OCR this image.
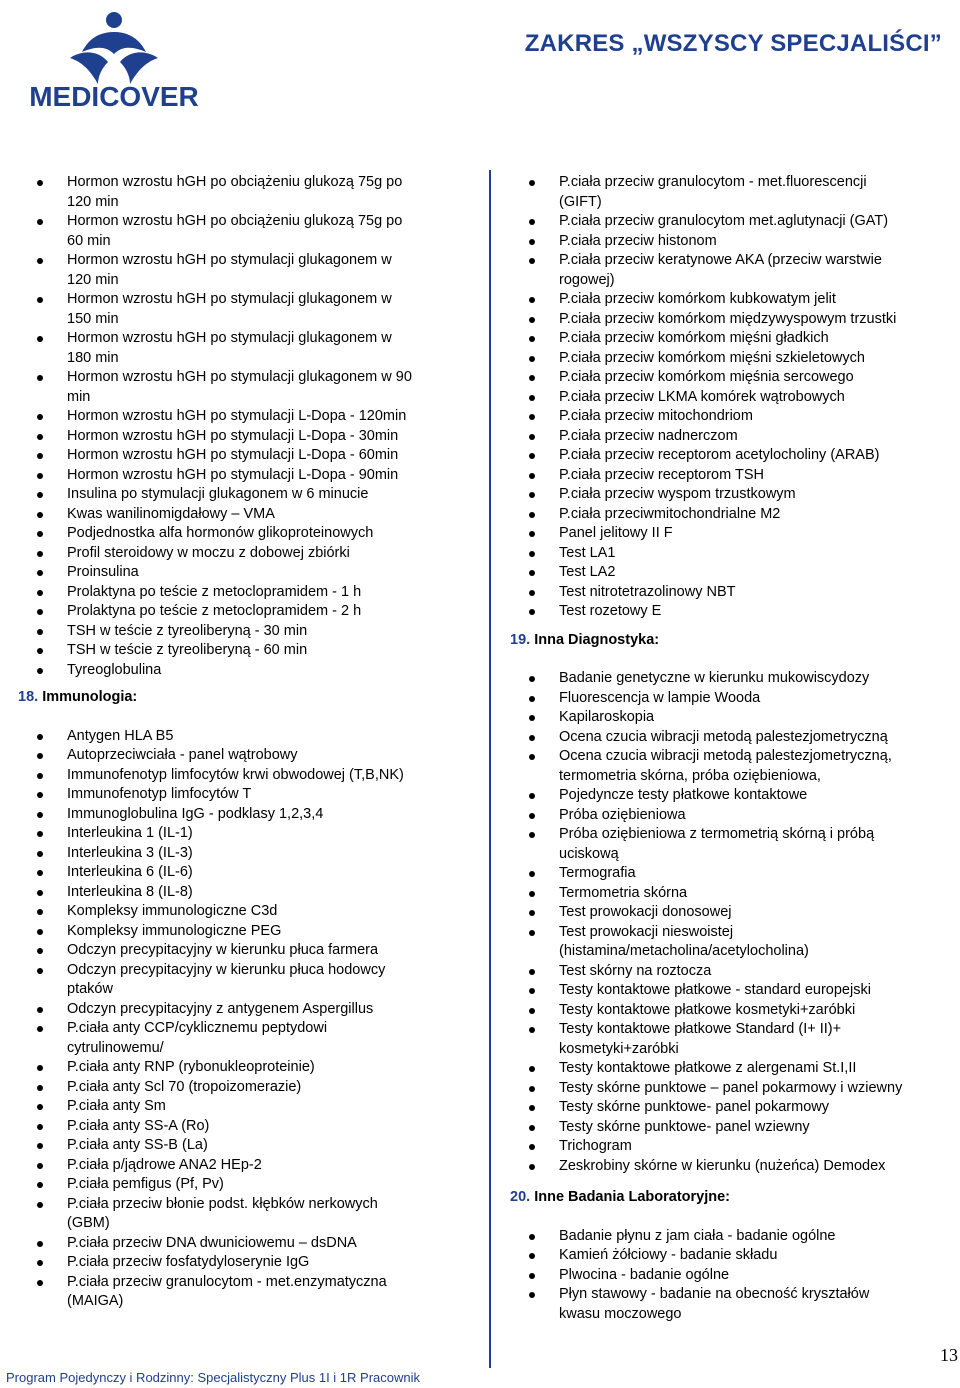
MEDICOVER
ZAKRES „WSZYSCY SPECJALIŚCI”
Hormon wzrostu hGH po obciążeniu glukozą 75g po
120 min
Hormon wzrostu hGH po obciążeniu glukozą 75g po
60 min
Hormon wzrostu hGH po stymulacji glukagonem w
120 min
Hormon wzrostu hGH po stymulacji glukagonem w
150 min
Hormon wzrostu hGH po stymulacji glukagonem w
180 min
Hormon wzrostu hGH po stymulacji glukagonem w 90
min
Hormon wzrostu hGH po stymulacji L-Dopa - 120min
Hormon wzrostu hGH po stymulacji L-Dopa - 30min
Hormon wzrostu hGH po stymulacji L-Dopa - 60min
Hormon wzrostu hGH po stymulacji L-Dopa - 90min
Insulina po stymulacji glukagonem w 6 minucie
Kwas wanilinomigdałowy – VMA
Podjednostka alfa hormonów glikoproteinowych
Profil steroidowy w moczu z dobowej zbiórki
Proinsulina
Prolaktyna po teście z metoclopramidem - 1 h
Prolaktyna po teście z metoclopramidem - 2 h
TSH w teście z tyreoliberyną - 30 min
TSH w teście z tyreoliberyną - 60 min
Tyreoglobulina
18. Immunologia:
Antygen HLA B5
Autoprzeciwciała - panel wątrobowy
Immunofenotyp limfocytów krwi obwodowej (T,B,NK)
Immunofenotyp limfocytów T
Immunoglobulina IgG - podklasy 1,2,3,4
Interleukina 1 (IL-1)
Interleukina 3 (IL-3)
Interleukina 6 (IL-6)
Interleukina 8 (IL-8)
Kompleksy immunologiczne C3d
Kompleksy immunologiczne PEG
Odczyn precypitacyjny w kierunku płuca farmera
Odczyn precypitacyjny w kierunku płuca hodowcy
ptaków
Odczyn precypitacyjny z antygenem Aspergillus
P.ciała anty CCP/cyklicznemu peptydowi
cytrulinowemu/
P.ciała anty RNP (rybonukleoproteinie)
P.ciała anty Scl 70 (tropoizomerazie)
P.ciała anty Sm
P.ciała anty SS-A (Ro)
P.ciała anty SS-B (La)
P.ciała p/jądrowe ANA2 HEp-2
P.ciała pemfigus (Pf, Pv)
P.ciała przeciw błonie podst. kłębków nerkowych
(GBM)
P.ciała przeciw DNA dwuniciowemu – dsDNA
P.ciała przeciw fosfatydyloserynie IgG
P.ciała przeciw granulocytom - met.enzymatyczna
(MAIGA)
P.ciała przeciw granulocytom - met.fluorescencji
(GIFT)
P.ciała przeciw granulocytom met.aglutynacji (GAT)
P.ciała przeciw histonom
P.ciała przeciw keratynowe AKA (przeciw warstwie
rogowej)
P.ciała przeciw komórkom kubkowatym jelit
P.ciała przeciw komórkom międzywyspowym trzustki
P.ciała przeciw komórkom mięśni gładkich
P.ciała przeciw komórkom mięśni szkieletowych
P.ciała przeciw komórkom mięśnia sercowego
P.ciała przeciw LKMA komórek wątrobowych
P.ciała przeciw mitochondriom
P.ciała przeciw nadnerczom
P.ciała przeciw receptorom acetylocholiny (ARAB)
P.ciała przeciw receptorom TSH
P.ciała przeciw wyspom trzustkowym
P.ciała przeciwmitochondrialne M2
Panel jelitowy II F
Test LA1
Test LA2
Test nitrotetrazolinowy NBT
Test rozetowy E
19. Inna Diagnostyka:
Badanie genetyczne w kierunku mukowiscydozy
Fluorescencja w lampie Wooda
Kapilaroskopia
Ocena czucia wibracji metodą palestezjometryczną
Ocena czucia wibracji metodą palestezjometryczną,
termometria skórna, próba oziębieniowa,
Pojedyncze testy płatkowe kontaktowe
Próba oziębieniowa
Próba oziębieniowa z termometrią skórną i próbą
uciskową
Termografia
Termometria skórna
Test prowokacji donosowej
Test prowokacji nieswoistej
(histamina/metacholina/acetylocholina)
Test skórny na roztocza
Testy kontaktowe płatkowe - standard europejski
Testy kontaktowe płatkowe kosmetyki+zaróbki
Testy kontaktowe płatkowe Standard (I+ II)+
kosmetyki+zaróbki
Testy kontaktowe płatkowe z alergenami St.I,II
Testy skórne punktowe – panel pokarmowy i wziewny
Testy skórne punktowe- panel pokarmowy
Testy skórne punktowe- panel wziewny
Trichogram
Zeskrobiny skórne w kierunku (nużeńca) Demodex
20. Inne Badania Laboratoryjne:
Badanie płynu z jam ciała - badanie ogólne
Kamień żółciowy - badanie składu
Plwocina - badanie ogólne
Płyn stawowy - badanie na obecność kryształów
kwasu moczowego
Program Pojedynczy i Rodzinny: Specjalistyczny Plus 1I i 1R Pracownik
13
